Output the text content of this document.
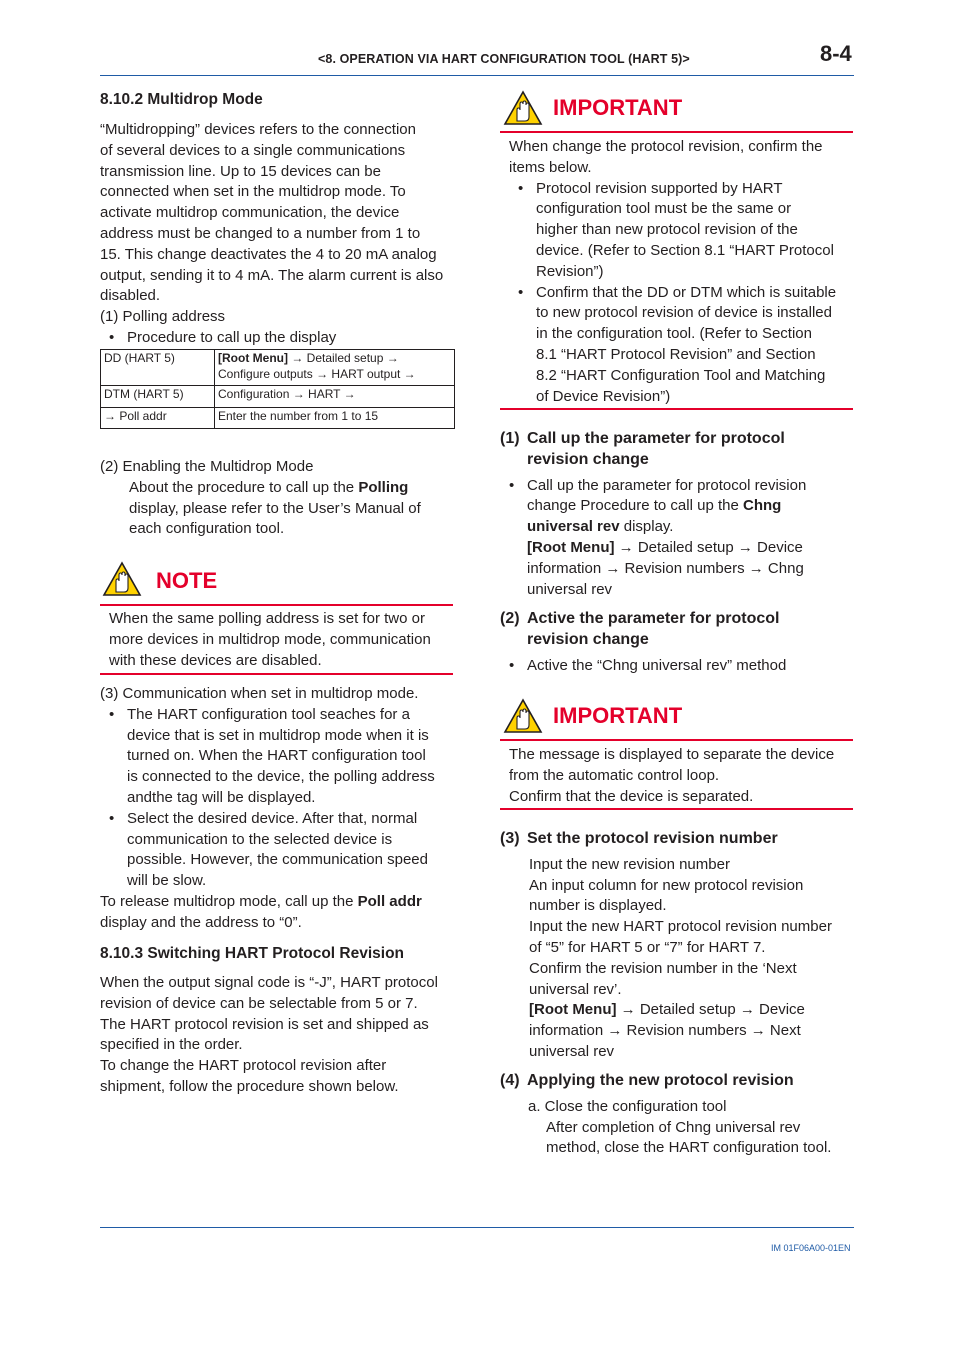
<8. OPERATION VIA HART CONFIGURATION TOOL (HART 5)>	8-4
8.10.2 Multidrop Mode
“Multidropping” devices refers to the connection
of several devices to a single communications
transmission line. Up to 15 devices can be
connected when set in the multidrop mode. To
activate multidrop communication, the device
address must be changed to a number from 1 to
15. This change deactivates the 4 to 20 mA analog
output, sending it to 4 mA. The alarm current is also
disabled.
(1) Polling address
• Procedure to call up the display
DD (HART 5)	[Root Menu] → Detailed setup →
Configure outputs → HART output →
DTM (HART 5)	Configuration → HART →
→ Poll addr	Enter the number from 1 to 15
(2) Enabling the Multidrop Mode
About the procedure to call up the Polling
display, please refer to the User’s Manual of
each configuration tool.
NOTE
When the same polling address is set for two or
more devices in multidrop mode, communication
with these devices are disabled.
(3) Communication when set in multidrop mode.
• The HART configuration tool seaches for a
device that is set in multidrop mode when it is
turned on. When the HART configuration tool
is connected to the device, the polling address
andthe tag will be displayed.
• Select the desired device. After that, normal
communication to the selected device is
possible. However, the communication speed
will be slow.
To release multidrop mode, call up the Poll addr
display and the address to “0”.
8.10.3 Switching HART Protocol Revision
When the output signal code is “-J”, HART protocol
revision of device can be selectable from 5 or 7.
The HART protocol revision is set and shipped as
specified in the order.
To change the HART protocol revision after
shipment, follow the procedure shown below.
IMPORTANT
When change the protocol revision, confirm the
items below.
• Protocol revision supported by HART
configuration tool must be the same or
higher than new protocol revision of the
device. (Refer to Section 8.1 “HART Protocol
Revision”)
• Confirm that the DD or DTM which is suitable
to new protocol revision of device is installed
in the configuration tool. (Refer to Section
8.1 “HART Protocol Revision” and Section
8.2 “HART Configuration Tool and Matching
of Device Revision”)
(1) Call up the parameter for protocol
revision change
• Call up the parameter for protocol revision
change Procedure to call up the Chng
universal rev display.
[Root Menu] → Detailed setup → Device
information → Revision numbers → Chng
universal rev
(2) Active the parameter for protocol
revision change
• Active the “Chng universal rev” method
IMPORTANT
The message is displayed to separate the device
from the automatic control loop.
Confirm that the device is separated.
(3) Set the protocol revision number
Input the new revision number
An input column for new protocol revision
number is displayed.
Input the new HART protocol revision number
of “5” for HART 5 or “7” for HART 7.
Confirm the revision number in the ‘Next
universal rev’.
[Root Menu] → Detailed setup → Device
information → Revision numbers → Next
universal rev
(4) Applying the new protocol revision
a. Close the configuration tool
After completion of Chng universal rev
method, close the HART configuration tool.
IM 01F06A00-01EN
